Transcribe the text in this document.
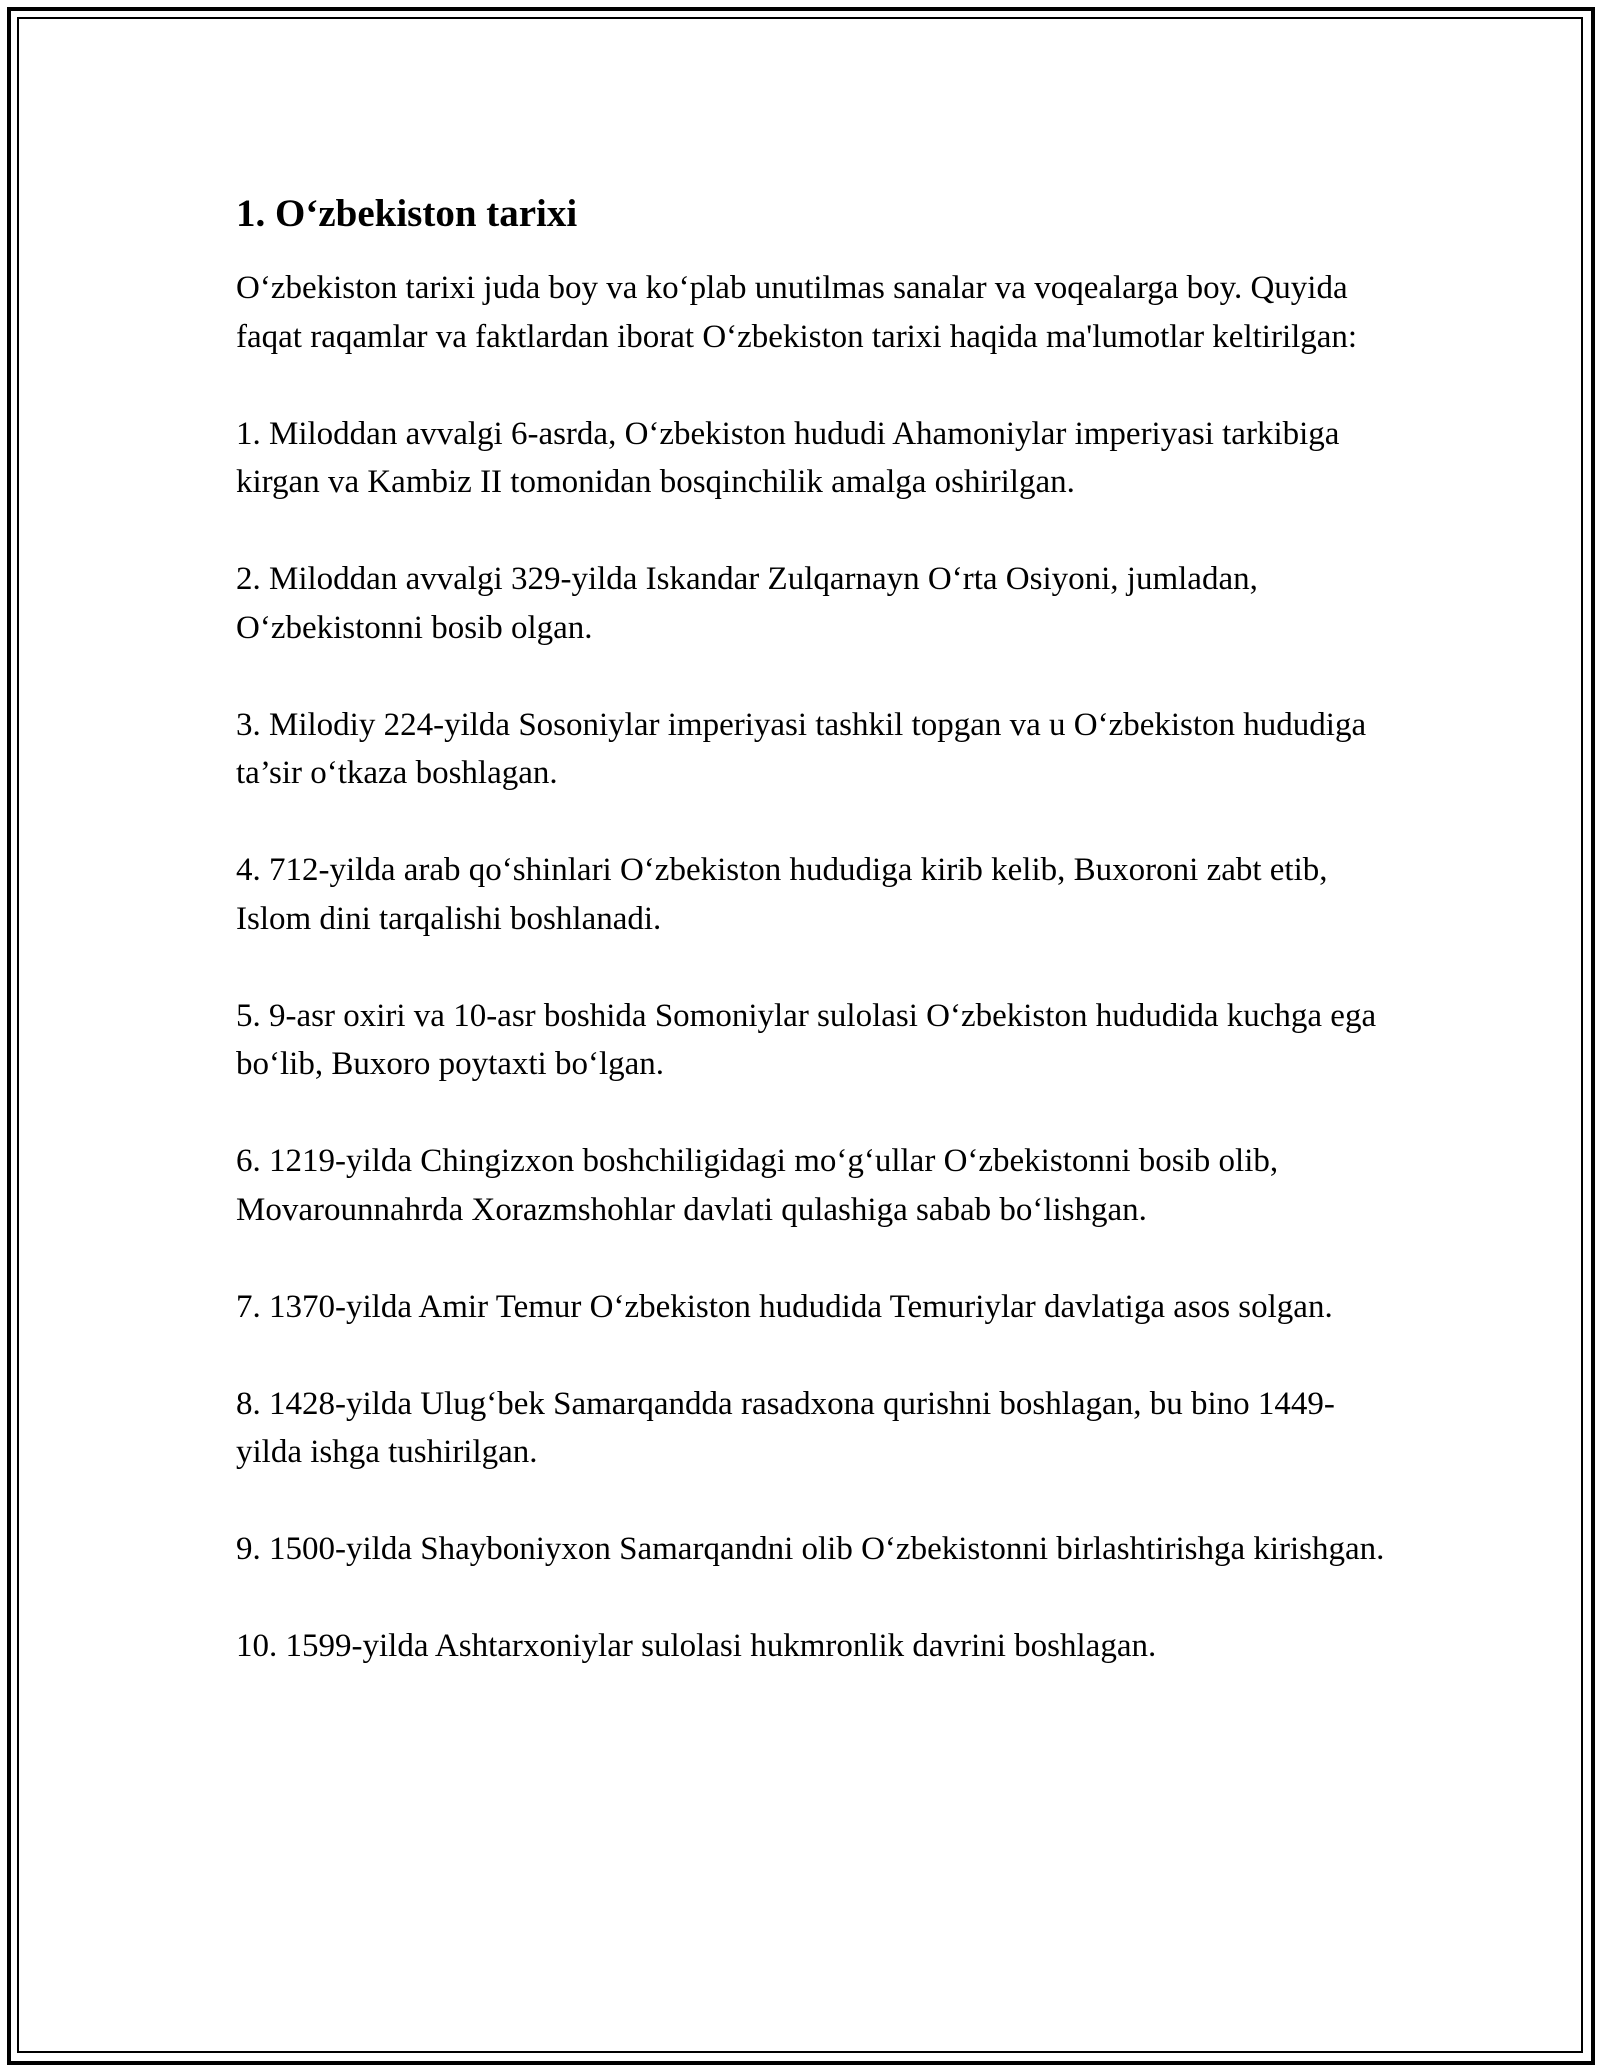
1. O‘zbekiston tarixi

O‘zbekiston tarixi juda boy va ko‘plab unutilmas sanalar va voqealarga boy. Quyida faqat raqamlar va faktlardan iborat O‘zbekiston tarixi haqida ma'lumotlar keltirilgan:

1. Miloddan avvalgi 6-asrda, O‘zbekiston hududi Ahamoniylar imperiyasi tarkibiga kirgan va Kambiz II tomonidan bosqinchilik amalga oshirilgan.

2. Miloddan avvalgi 329-yilda Iskandar Zulqarnayn O‘rta Osiyoni, jumladan, O‘zbekistonni bosib olgan.

3. Milodiy 224-yilda Sosoniylar imperiyasi tashkil topgan va u O‘zbekiston hududiga ta’sir o‘tkaza boshlagan.

4. 712-yilda arab qo‘shinlari O‘zbekiston hududiga kirib kelib, Buxoroni zabt etib, Islom dini tarqalishi boshlanadi.

5. 9-asr oxiri va 10-asr boshida Somoniylar sulolasi O‘zbekiston hududida kuchga ega bo‘lib, Buxoro poytaxti bo‘lgan.

6. 1219-yilda Chingizxon boshchiligidagi mo‘g‘ullar O‘zbekistonni bosib olib, Movarounnahrda Xorazmshohlar davlati qulashiga sabab bo‘lishgan.

7. 1370-yilda Amir Temur O‘zbekiston hududida Temuriylar davlatiga asos solgan.

8. 1428-yilda Ulug‘bek Samarqandda rasadxona qurishni boshlagan, bu bino 1449-yilda ishga tushirilgan.

9. 1500-yilda Shayboniyxon Samarqandni olib O‘zbekistonni birlashtirishga kirishgan.

10. 1599-yilda Ashtarxoniylar sulolasi hukmronlik davrini boshlagan.
